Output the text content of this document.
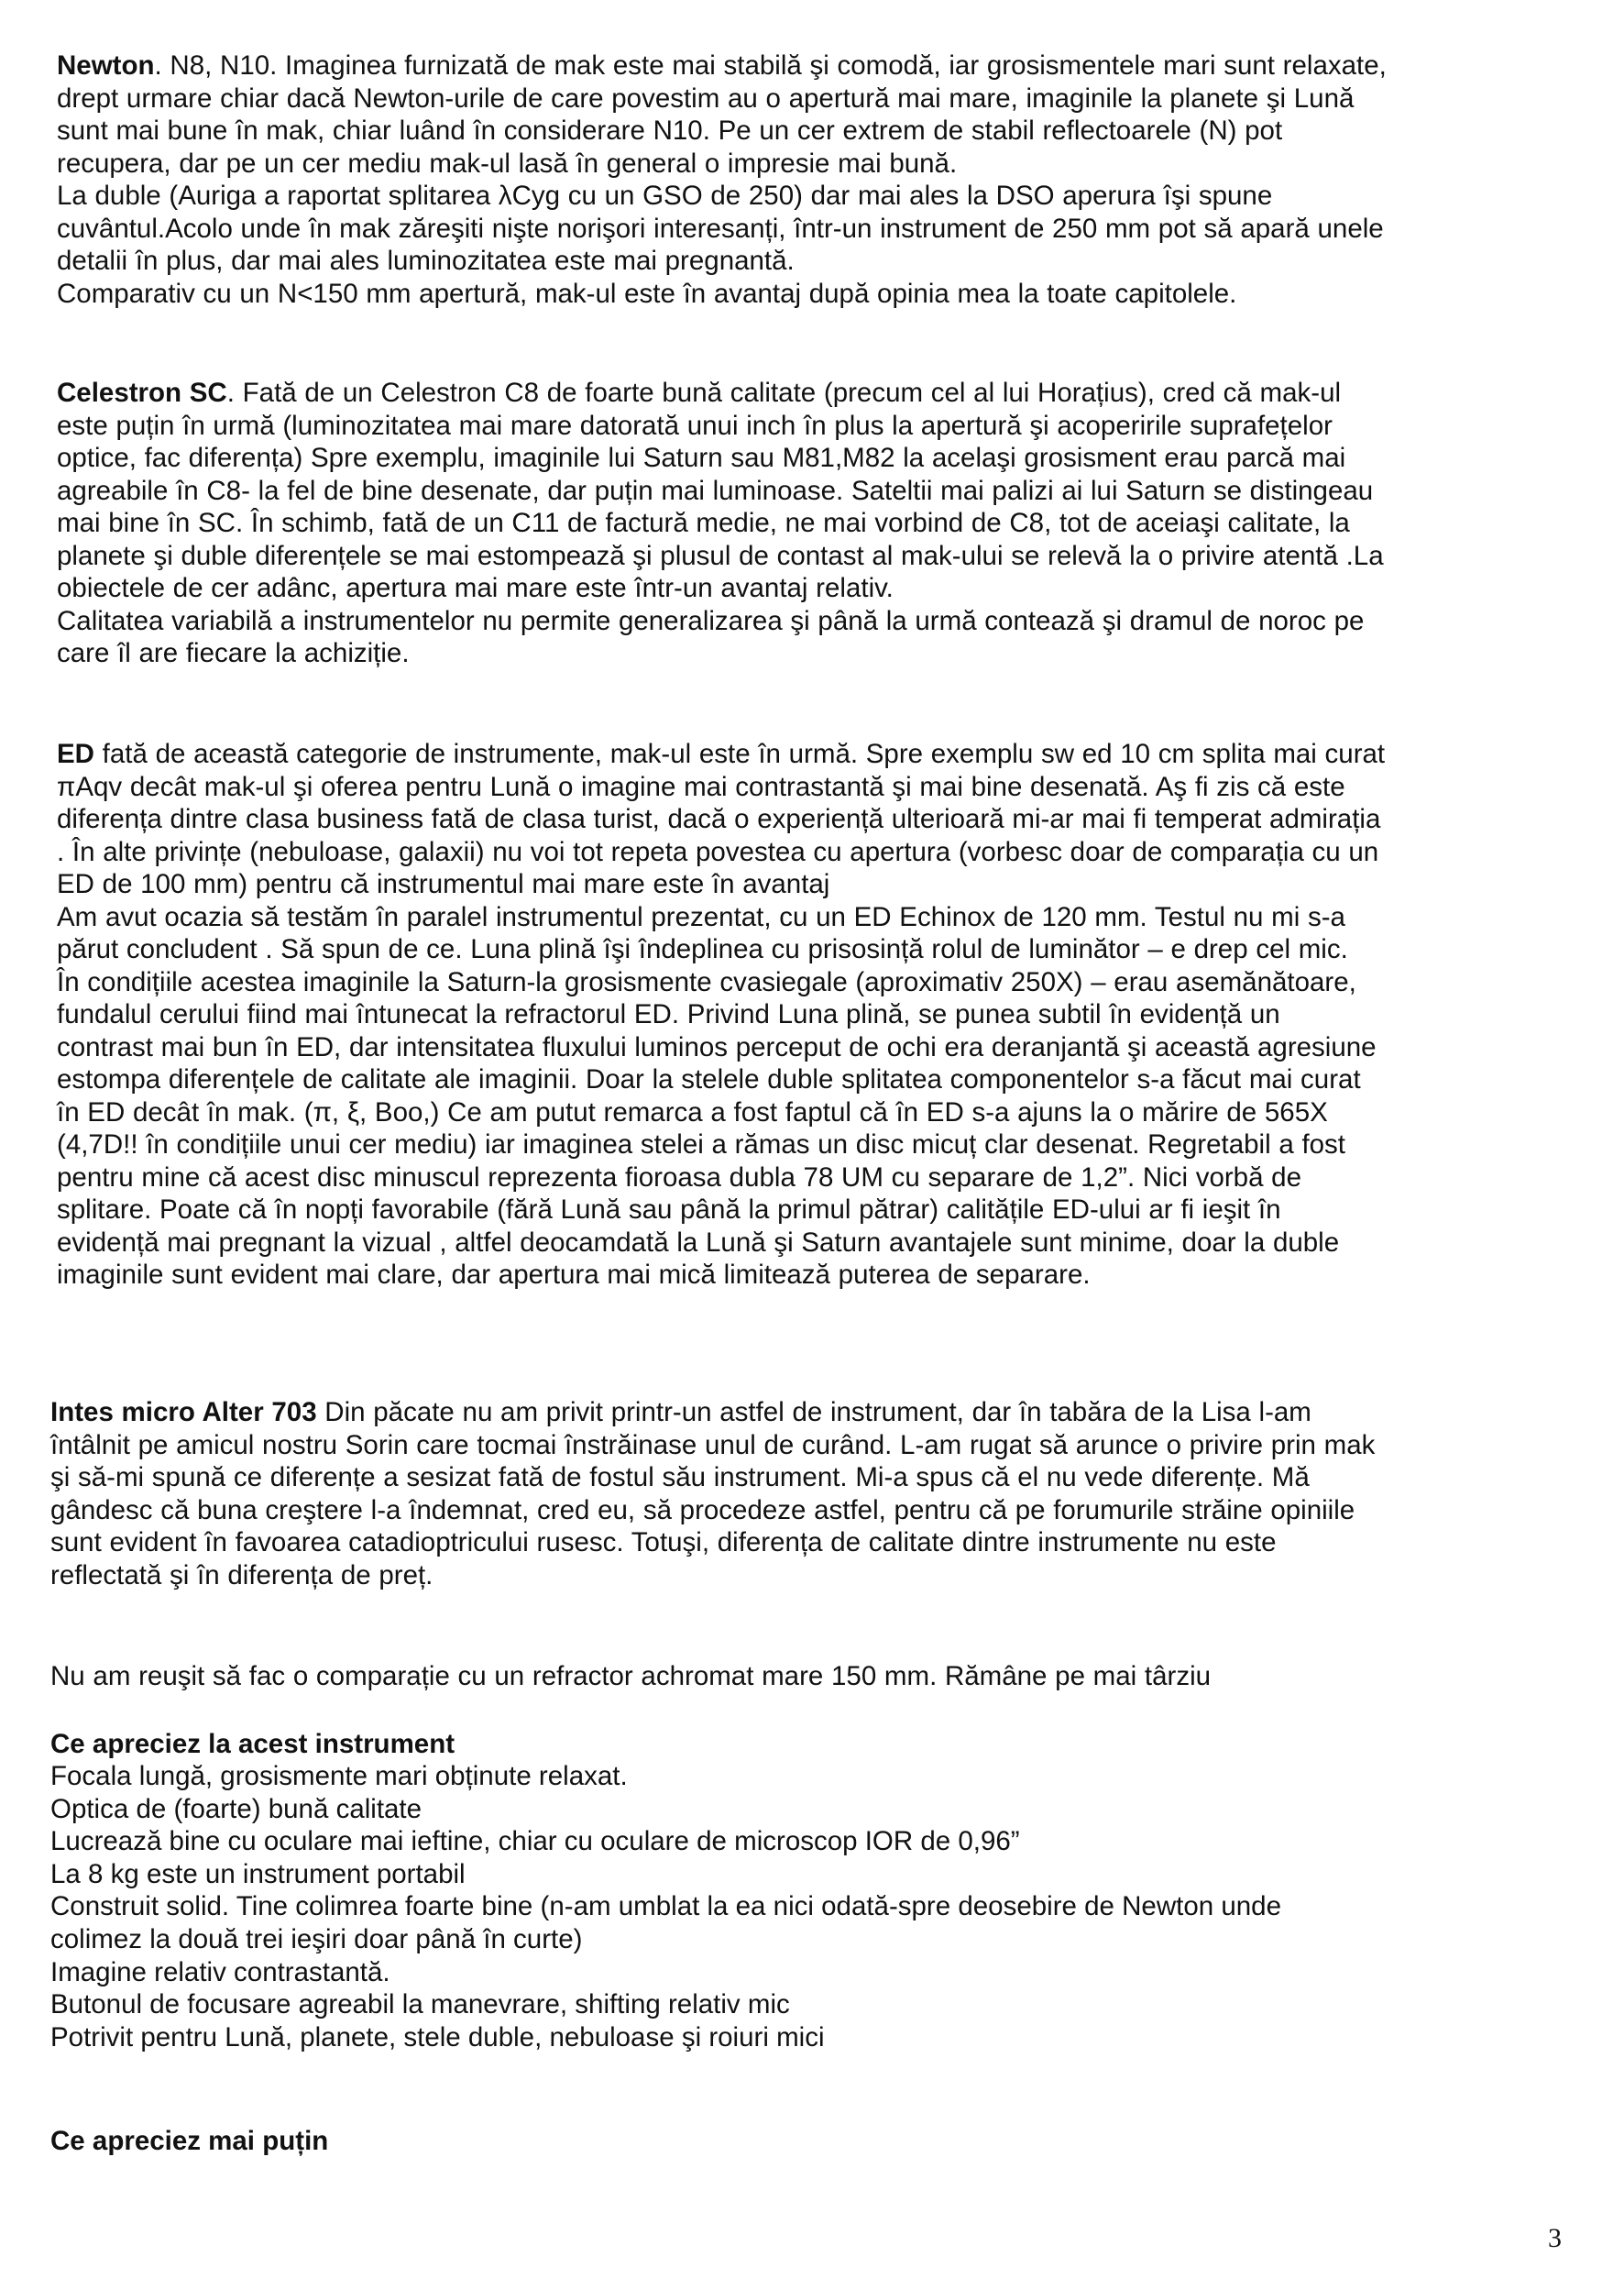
Newton. N8, N10. Imaginea furnizată de mak este mai stabilă şi comodă, iar grosismentele mari sunt relaxate,
drept urmare chiar dacă Newton-urile de care povestim au o apertură mai mare, imaginile la planete şi Lună
sunt mai bune în mak, chiar luând în considerare N10. Pe un cer extrem de stabil reflectoarele (N) pot
recupera, dar pe un cer mediu mak-ul lasă în general o impresie mai bună.
La duble (Auriga a raportat splitarea λCyg cu un GSO de 250) dar mai ales la DSO aperura îşi spune
cuvântul.Acolo unde în mak zăreşiti nişte norişori interesanți, într-un instrument de 250 mm pot să apară unele
detalii în plus, dar mai ales luminozitatea este mai pregnantă.
Comparativ cu un N<150 mm apertură, mak-ul este în avantaj după opinia mea la toate capitolele.

Celestron SC. Fată de un Celestron C8 de foarte bună calitate (precum cel al lui Horațius), cred că mak-ul
este puțin în urmă (luminozitatea mai mare datorată unui inch în plus la apertură şi acoperirile suprafețelor
optice, fac diferența) Spre exemplu, imaginile lui Saturn sau M81,M82 la acelaşi grosisment erau parcă mai
agreabile în C8- la fel de bine desenate, dar puțin mai luminoase. Sateltii mai palizi ai lui Saturn se distingeau
mai bine în SC. În schimb, fată de un C11 de factură medie, ne mai vorbind de C8, tot de aceiaşi calitate, la
planete şi duble diferențele se mai estompează şi plusul de contast al mak-ului se relevă la o privire atentă .La
obiectele de cer adânc, apertura mai mare este într-un avantaj relativ.
Calitatea variabilă a instrumentelor nu permite generalizarea şi până la urmă contează şi dramul de noroc pe
care îl are fiecare la achiziție.

ED fată de această categorie de instrumente, mak-ul este în urmă. Spre exemplu sw ed 10 cm splita mai curat
πAqv decât mak-ul şi oferea pentru Lună o imagine mai contrastantă şi mai bine desenată. Aş fi zis că este
diferența dintre clasa business fată de clasa turist, dacă o experiență ulterioară mi-ar mai fi temperat admirația
. În alte privințe (nebuloase, galaxii) nu voi tot repeta povestea cu apertura (vorbesc doar de comparația cu un
ED de 100 mm) pentru că instrumentul mai mare este în avantaj
Am avut ocazia să testăm în paralel instrumentul prezentat, cu un ED Echinox de 120 mm. Testul nu mi s-a
părut concludent . Să spun de ce. Luna plină îşi îndeplinea cu prisosință rolul de luminător – e drep cel mic.
În condițiile acestea imaginile la Saturn-la grosismente cvasiegale (aproximativ 250X) – erau asemănătoare,
fundalul cerului fiind mai întunecat la refractorul ED. Privind Luna plină, se punea subtil în evidență un
contrast mai bun în ED, dar intensitatea fluxului luminos perceput de ochi era deranjantă şi această agresiune
estompa diferențele de calitate ale imaginii. Doar la stelele duble splitatea componentelor s-a făcut mai curat
în ED decât în mak. (π, ξ, Boo,) Ce am putut remarca a fost faptul că în ED s-a ajuns la o mărire de 565X
(4,7D!! în condițiile unui cer mediu) iar imaginea stelei a rămas un disc micuț clar desenat. Regretabil a fost
pentru mine că acest disc minuscul reprezenta fioroasa dubla 78 UM cu separare de 1,2”. Nici vorbă de
splitare. Poate că în nopți favorabile (fără Lună sau până la primul pătrar) calitățile ED-ului ar fi ieşit în
evidență mai pregnant la vizual , altfel deocamdată la Lună şi Saturn avantajele sunt minime, doar la duble
imaginile sunt evident mai clare, dar apertura mai mică limitează puterea de separare.

Intes micro Alter 703 Din păcate nu am privit printr-un astfel de instrument, dar în tabăra de la Lisa l-am
întâlnit pe amicul nostru Sorin care tocmai înstrăinase unul de curând. L-am rugat să arunce o privire prin mak
şi să-mi spună ce diferențe a sesizat fată de fostul său instrument. Mi-a spus că el nu vede diferențe. Mă
gândesc că buna creştere l-a îndemnat, cred eu, să procedeze astfel, pentru că pe forumurile străine opiniile
sunt evident în favoarea catadioptricului rusesc. Totuşi, diferența de calitate dintre instrumente nu este
reflectată şi în diferența de preț.

Nu am reuşit să fac o comparație cu un refractor achromat mare 150 mm. Rămâne pe mai târziu

Ce apreciez la acest instrument

Focala lungă, grosismente mari obținute relaxat.
Optica de (foarte) bună calitate
Lucrează bine cu oculare mai ieftine, chiar cu oculare de microscop IOR de 0,96”
La 8 kg este un instrument portabil
Construit solid. Tine colimrea foarte bine (n-am umblat la ea nici odată-spre deosebire de Newton unde
colimez la două trei ieşiri doar până în curte)
Imagine relativ contrastantă.
Butonul de focusare agreabil la manevrare, shifting relativ mic
Potrivit pentru Lună, planete, stele duble, nebuloase şi roiuri mici

Ce apreciez mai puțin

3
